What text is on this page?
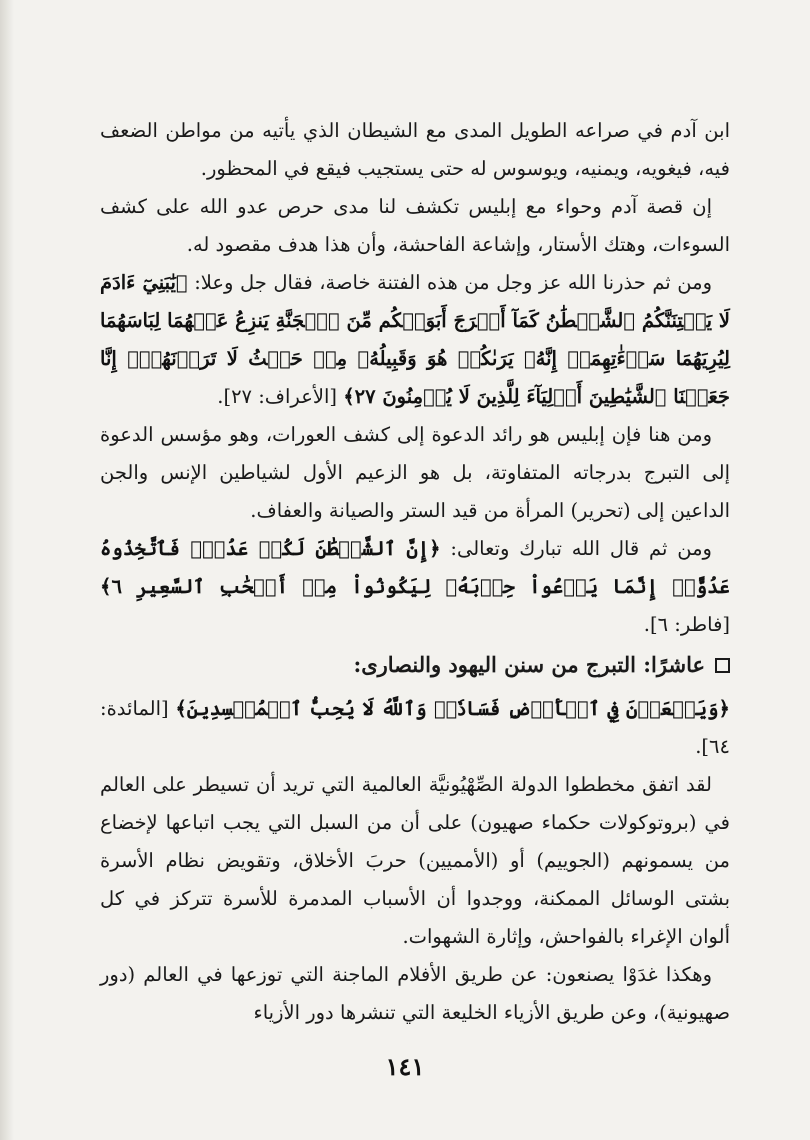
ابن آدم في صراعه الطويل المدى مع الشيطان الذي يأتيه من مواطن الضعف فيه، فيغويه، ويمنيه، ويوسوس له حتى يستجيب فيقع في المحظور.

إن قصة آدم وحواء مع إبليس تكشف لنا مدى حرص عدو الله على كشف السوءات، وهتك الأستار، وإشاعة الفاحشة، وأن هذا هدف مقصود له.

ومن ثم حذرنا الله عز وجل من هذه الفتنة خاصة، فقال جل وعلا: ﴿يَٰبَنِيٓ ءَادَمَ لَا يَفۡتِنَنَّكُمُ ٱلشَّيۡطَٰنُ كَمَآ أَخۡرَجَ أَبَوَيۡكُم مِّنَ ٱلۡجَنَّةِ يَنزِعُ عَنۡهُمَا لِبَاسَهُمَا لِيُرِيَهُمَا سَوۡءَٰتِهِمَآۚ إِنَّهُۥ يَرَىٰكُمۡ هُوَ وَقَبِيلُهُۥ مِنۡ حَيۡثُ لَا تَرَوۡنَهُمۡۗ إِنَّا جَعَلۡنَا ٱلشَّيَٰطِينَ أَوۡلِيَآءَ لِلَّذِينَ لَا يُؤۡمِنُونَ ٢٧﴾ [الأعراف: ٢٧].

ومن هنا فإن إبليس هو رائد الدعوة إلى كشف العورات، وهو مؤسس الدعوة إلى التبرج بدرجاته المتفاوتة، بل هو الزعيم الأول لشياطين الإنس والجن الداعين إلى (تحرير) المرأة من قيد الستر والصيانة والعفاف.

ومن ثم قال الله تبارك وتعالى: ﴿إِنَّ ٱلشَّيۡطَٰنَ لَكُمۡ عَدُوّٞ فَٱتَّخِذُوهُ عَدُوًّاۚ إِنَّمَا يَدۡعُواْ حِزۡبَهُۥ لِيَكُونُواْ مِنۡ أَصۡحَٰبِ ٱلسَّعِيرِ ٦﴾ [فاطر: ٦].

عاشرًا: التبرج من سنن اليهود والنصارى:

﴿وَيَسۡعَوۡنَ فِي ٱلۡأَرۡضِ فَسَادٗاۚ وَٱللَّهُ لَا يُحِبُّ ٱلۡمُفۡسِدِينَ﴾ [المائدة: ٦٤].

لقد اتفق مخططوا الدولة الصِّهْيُونيَّة العالمية التي تريد أن تسيطر على العالم في (بروتوكولات حكماء صهيون) على أن من السبل التي يجب اتباعها لإخضاع من يسمونهم (الجوييم) أو (الأمميين) حربَ الأخلاق، وتقويض نظام الأسرة بشتى الوسائل الممكنة، ووجدوا أن الأسباب المدمرة للأسرة تتركز في كل ألوان الإغراء بالفواحش، وإثارة الشهوات.

وهكذا غدَوْا يصنعون: عن طريق الأفلام الماجنة التي توزعها في العالم (دور صهيونية)، وعن طريق الأزياء الخليعة التي تنشرها دور الأزياء

١٤١
